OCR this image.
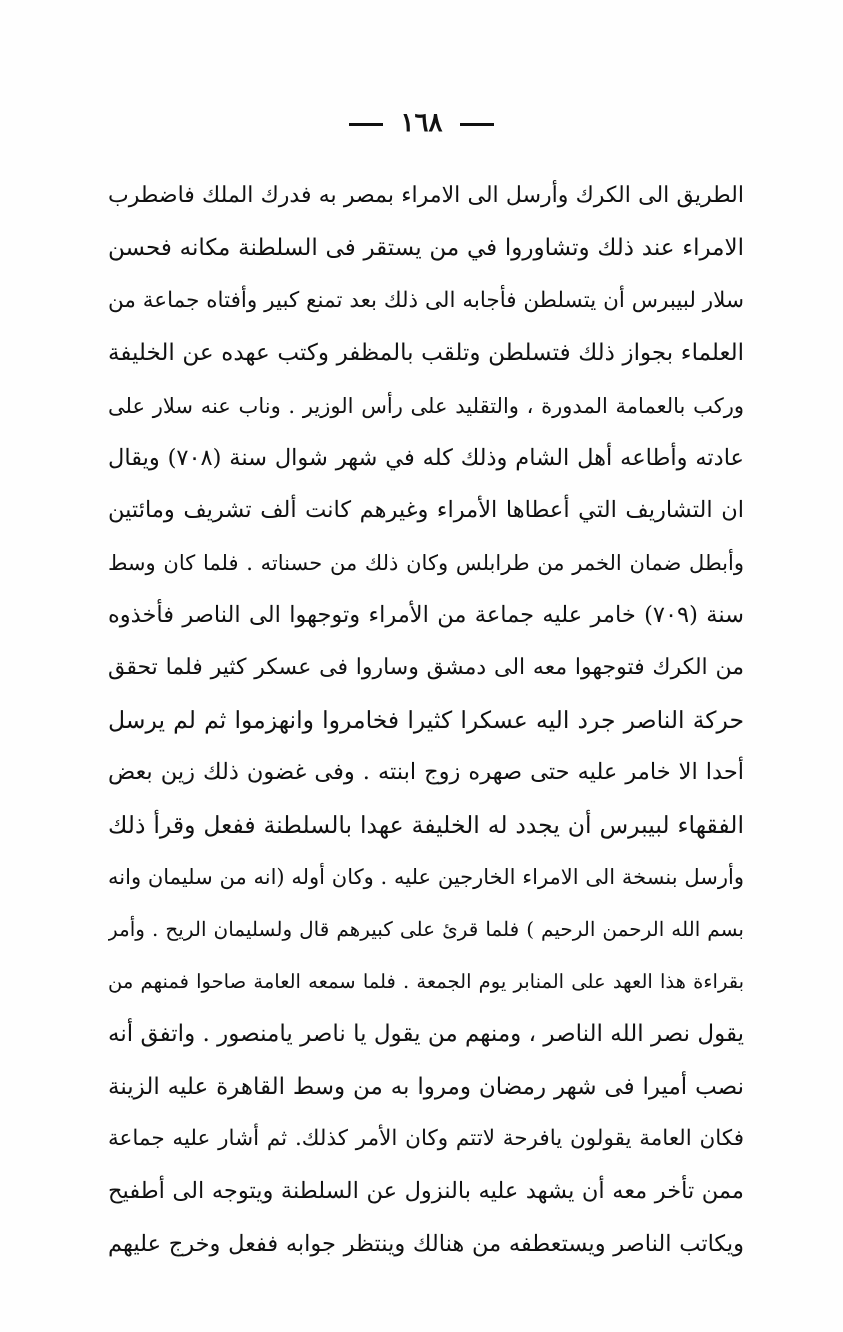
١٦٨
الطريق الى الكرك وأرسل الى الامراء بمصر به فدرك الملك فاضطرب
الامراء عند ذلك وتشاوروا في من يستقر فى السلطنة مكانه فحسن
سلار لبيبرس أن يتسلطن فأجابه الى ذلك بعد تمنع كبير وأفتاه جماعة من
العلماء بجواز ذلك فتسلطن وتلقب بالمظفر وكتب عهده عن الخليفة
وركب بالعمامة المدورة ، والتقليد على رأس الوزير . وناب عنه سلار على
عادته وأطاعه أهل الشام وذلك كله في شهر شوال سنة (٧٠٨) ويقال
ان التشاريف التي أعطاها الأمراء وغيرهم كانت ألف تشريف ومائتين
وأبطل ضمان الخمر من طرابلس وكان ذلك من حسناته . فلما كان وسط
سنة (٧٠٩) خامر عليه جماعة من الأمراء وتوجهوا الى الناصر فأخذوه
من الكرك فتوجهوا معه الى دمشق وساروا فى عسكر كثير فلما تحقق
حركة الناصر جرد اليه عسكرا كثيرا فخامروا وانهزموا ثم لم يرسل
أحدا الا خامر عليه حتى صهره زوج ابنته . وفى غضون ذلك زين بعض
الفقهاء لبيبرس أن يجدد له الخليفة عهدا بالسلطنة ففعل وقرأ ذلك
وأرسل بنسخة الى الامراء الخارجين عليه . وكان أوله (انه من سليمان وانه
بسم الله الرحمن الرحيم ) فلما قرئ على كبيرهم قال ولسليمان الريح . وأمر
بقراءة هذا العهد على المنابر يوم الجمعة . فلما سمعه العامة صاحوا فمنهم من
يقول نصر الله الناصر ، ومنهم من يقول يا ناصر يامنصور . واتفق أنه
نصب أميرا فى شهر رمضان ومروا به من وسط القاهرة عليه الزينة
فكان العامة يقولون يافرحة لاتتم وكان الأمر كذلك. ثم أشار عليه جماعة
ممن تأخر معه أن يشهد عليه بالنزول عن السلطنة ويتوجه الى أطفيح
ويكاتب الناصر ويستعطفه من هنالك وينتظر جوابه ففعل وخرج عليهم
